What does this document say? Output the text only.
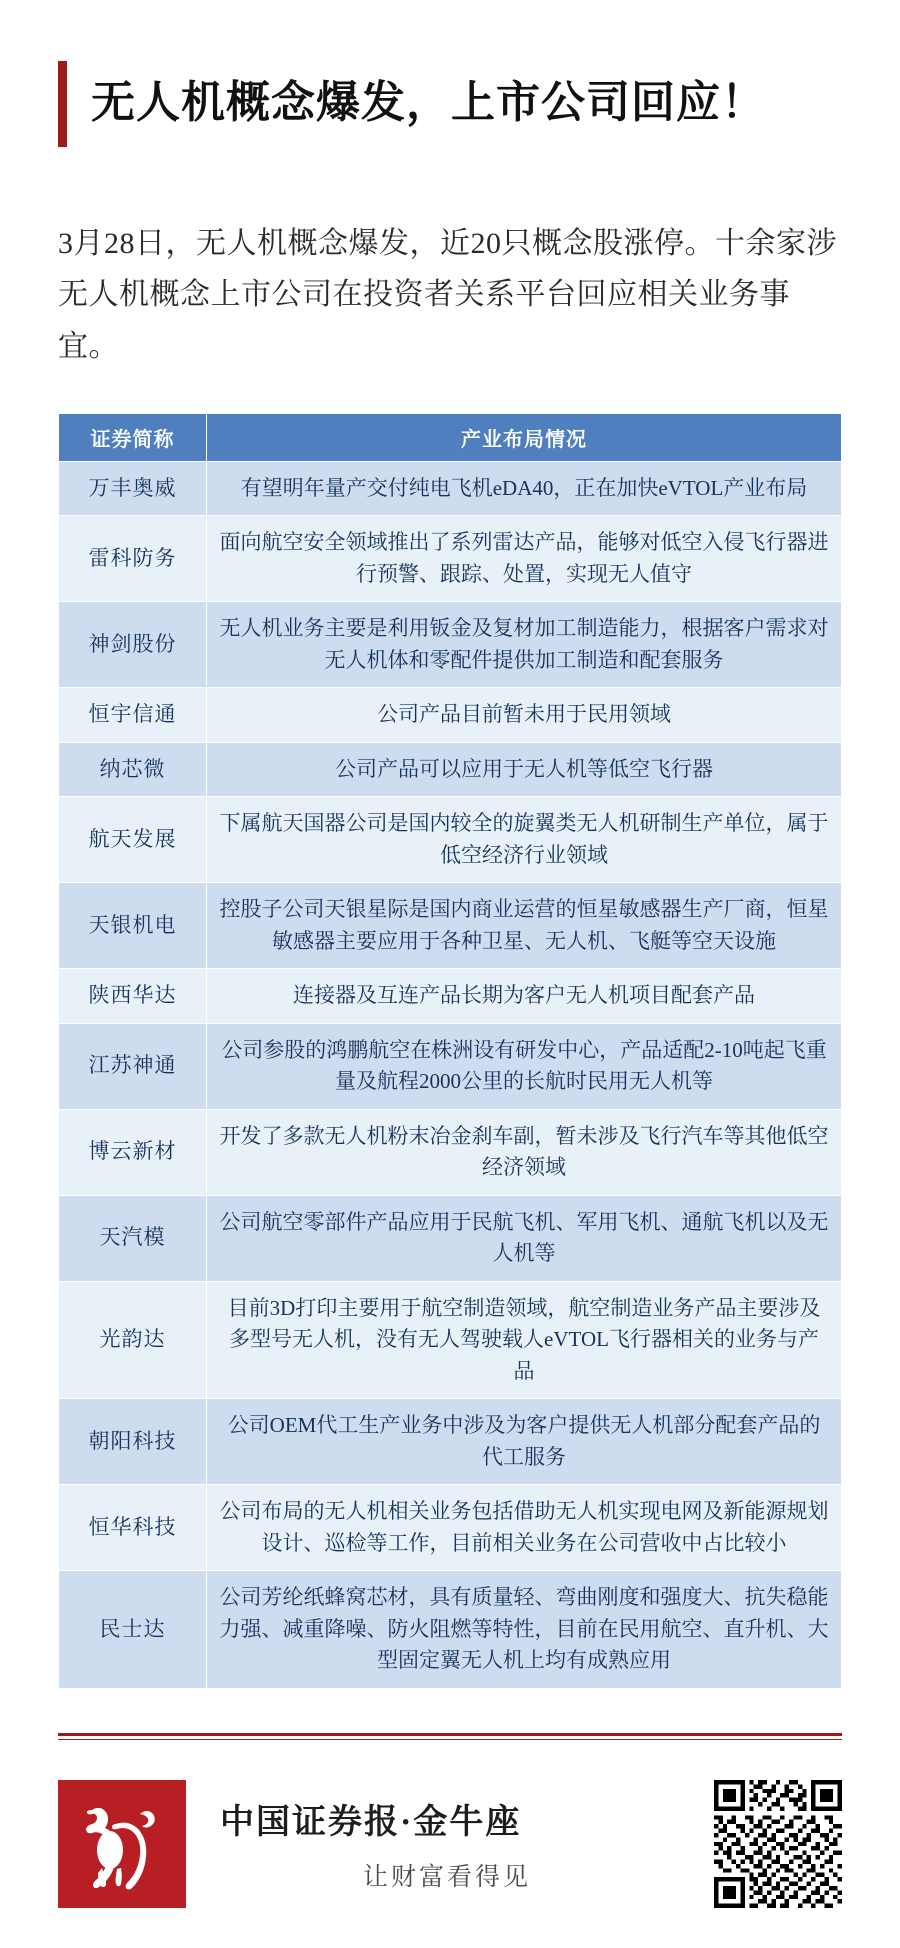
无人机概念爆发，上市公司回应！

3月28日，无人机概念爆发，近20只概念股涨停。十余家涉无人机概念上市公司在投资者关系平台回应相关业务事宜。

证券简称	产业布局情况
万丰奥威	有望明年量产交付纯电飞机eDA40，正在加快eVTOL产业布局
雷科防务	面向航空安全领域推出了系列雷达产品，能够对低空入侵飞行器进行预警、跟踪、处置，实现无人值守
神剑股份	无人机业务主要是利用钣金及复材加工制造能力，根据客户需求对无人机体和零配件提供加工制造和配套服务
恒宇信通	公司产品目前暂未用于民用领域
纳芯微	公司产品可以应用于无人机等低空飞行器
航天发展	下属航天国器公司是国内较全的旋翼类无人机研制生产单位，属于低空经济行业领域
天银机电	控股子公司天银星际是国内商业运营的恒星敏感器生产厂商，恒星敏感器主要应用于各种卫星、无人机、飞艇等空天设施
陕西华达	连接器及互连产品长期为客户无人机项目配套产品
江苏神通	公司参股的鸿鹏航空在株洲设有研发中心，产品适配2-10吨起飞重量及航程2000公里的长航时民用无人机等
博云新材	开发了多款无人机粉末冶金刹车副，暂未涉及飞行汽车等其他低空经济领域
天汽模	公司航空零部件产品应用于民航飞机、军用飞机、通航飞机以及无人机等
光韵达	目前3D打印主要用于航空制造领域，航空制造业务产品主要涉及多型号无人机，没有无人驾驶载人eVTOL飞行器相关的业务与产品
朝阳科技	公司OEM代工生产业务中涉及为客户提供无人机部分配套产品的代工服务
恒华科技	公司布局的无人机相关业务包括借助无人机实现电网及新能源规划设计、巡检等工作，目前相关业务在公司营收中占比较小
民士达	公司芳纶纸蜂窝芯材，具有质量轻、弯曲刚度和强度大、抗失稳能力强、减重降噪、防火阻燃等特性，目前在民用航空、直升机、大型固定翼无人机上均有成熟应用
中国证券报·金牛座
让财富看得见
